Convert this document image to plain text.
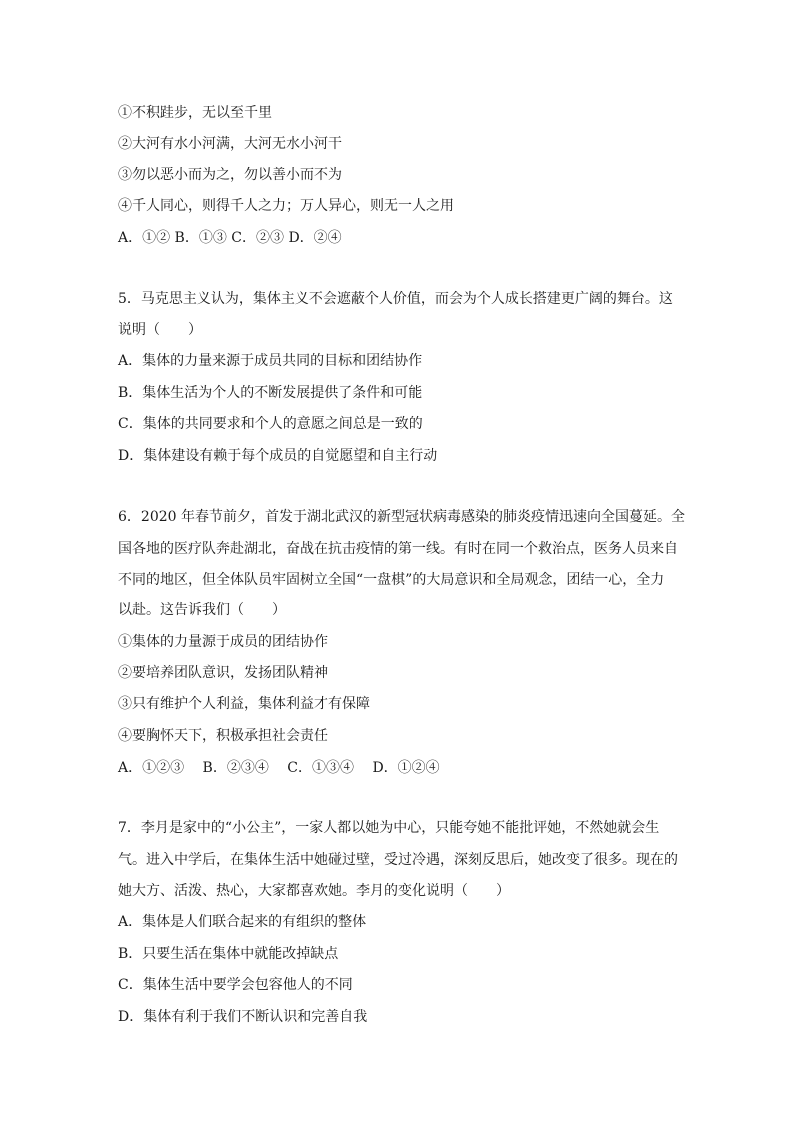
①不积跬步，无以至千里
②大河有水小河满，大河无水小河干
③勿以恶小而为之，勿以善小而不为
④千人同心，则得千人之力；万人异心，则无一人之用
A．①② B．①③ C．②③ D．②④
5．马克思主义认为，集体主义不会遮蔽个人价值，而会为个人成长搭建更广阔的舞台。这
说明（　　）
A．集体的力量来源于成员共同的目标和团结协作
B．集体生活为个人的不断发展提供了条件和可能
C．集体的共同要求和个人的意愿之间总是一致的
D．集体建设有赖于每个成员的自觉愿望和自主行动
6．2020 年春节前夕，首发于湖北武汉的新型冠状病毒感染的肺炎疫情迅速向全国蔓延。全
国各地的医疗队奔赴湖北，奋战在抗击疫情的第一线。有时在同一个救治点，医务人员来自
不同的地区，但全体队员牢固树立全国“一盘棋”的大局意识和全局观念，团结一心，全力
以赴。这告诉我们（　　）
①集体的力量源于成员的团结协作
②要培养团队意识，发扬团队精神
③只有维护个人利益，集体利益才有保障
④要胸怀天下，积极承担社会责任
A．①②③　 B．②③④　 C．①③④　 D．①②④
7．李月是家中的“小公主”，一家人都以她为中心，只能夸她不能批评她，不然她就会生
气。进入中学后，在集体生活中她碰过壁，受过冷遇，深刻反思后，她改变了很多。现在的
她大方、活泼、热心，大家都喜欢她。李月的变化说明（　　）
A．集体是人们联合起来的有组织的整体
B．只要生活在集体中就能改掉缺点
C．集体生活中要学会包容他人的不同
D．集体有利于我们不断认识和完善自我
